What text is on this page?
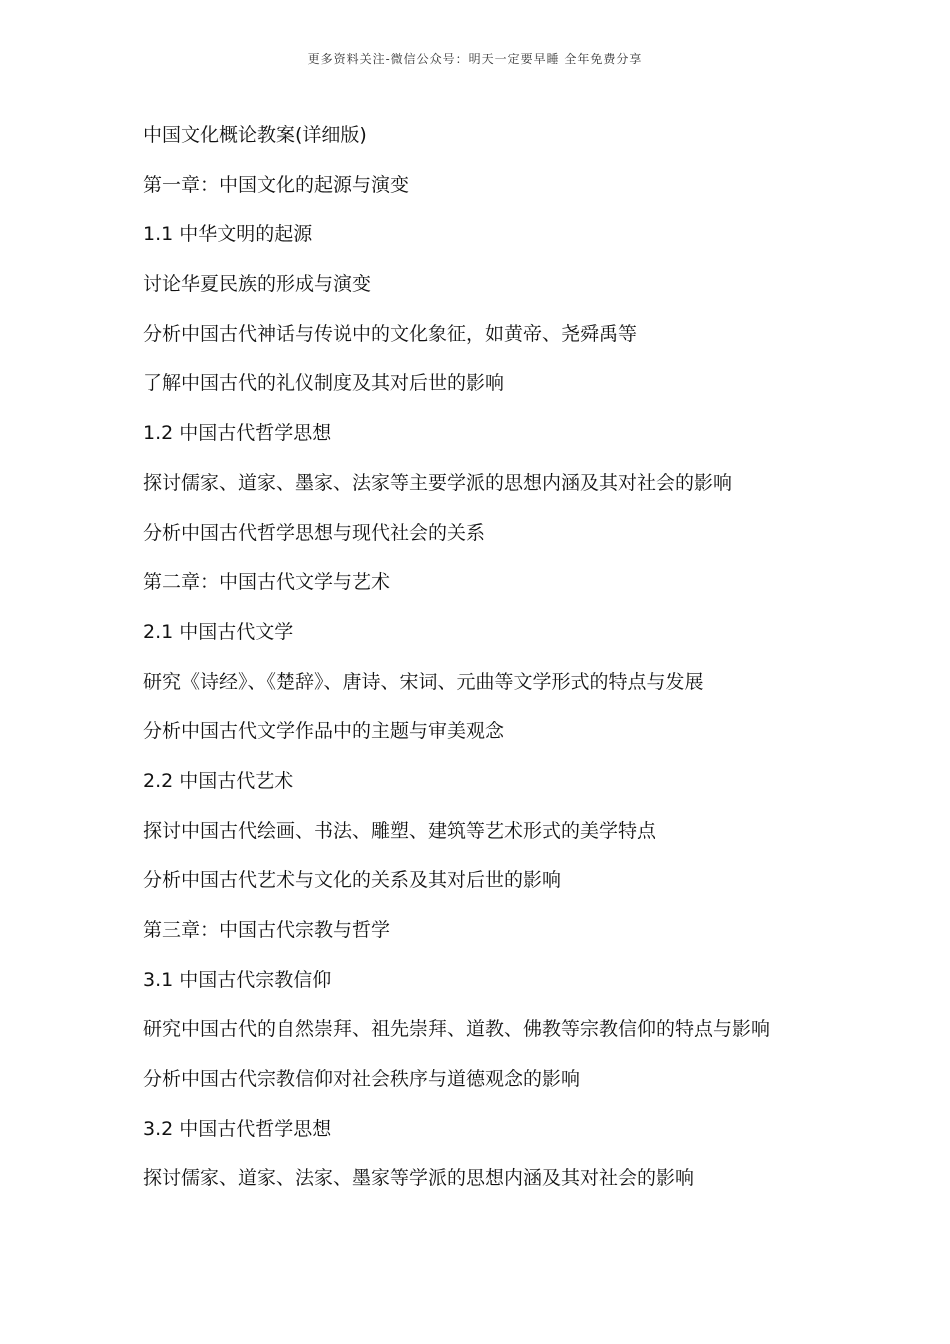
更多资料关注-微信公众号：明天一定要早睡 全年免费分享
中国文化概论教案(详细版)
第一章：中国文化的起源与演变
1.1 中华文明的起源
讨论华夏民族的形成与演变
分析中国古代神话与传说中的文化象征，如黄帝、尧舜禹等
了解中国古代的礼仪制度及其对后世的影响
1.2 中国古代哲学思想
探讨儒家、道家、墨家、法家等主要学派的思想内涵及其对社会的影响
分析中国古代哲学思想与现代社会的关系
第二章：中国古代文学与艺术
2.1 中国古代文学
研究《诗经》、《楚辞》、唐诗、宋词、元曲等文学形式的特点与发展
分析中国古代文学作品中的主题与审美观念
2.2 中国古代艺术
探讨中国古代绘画、书法、雕塑、建筑等艺术形式的美学特点
分析中国古代艺术与文化的关系及其对后世的影响
第三章：中国古代宗教与哲学
3.1 中国古代宗教信仰
研究中国古代的自然崇拜、祖先崇拜、道教、佛教等宗教信仰的特点与影响
分析中国古代宗教信仰对社会秩序与道德观念的影响
3.2 中国古代哲学思想
探讨儒家、道家、法家、墨家等学派的思想内涵及其对社会的影响
